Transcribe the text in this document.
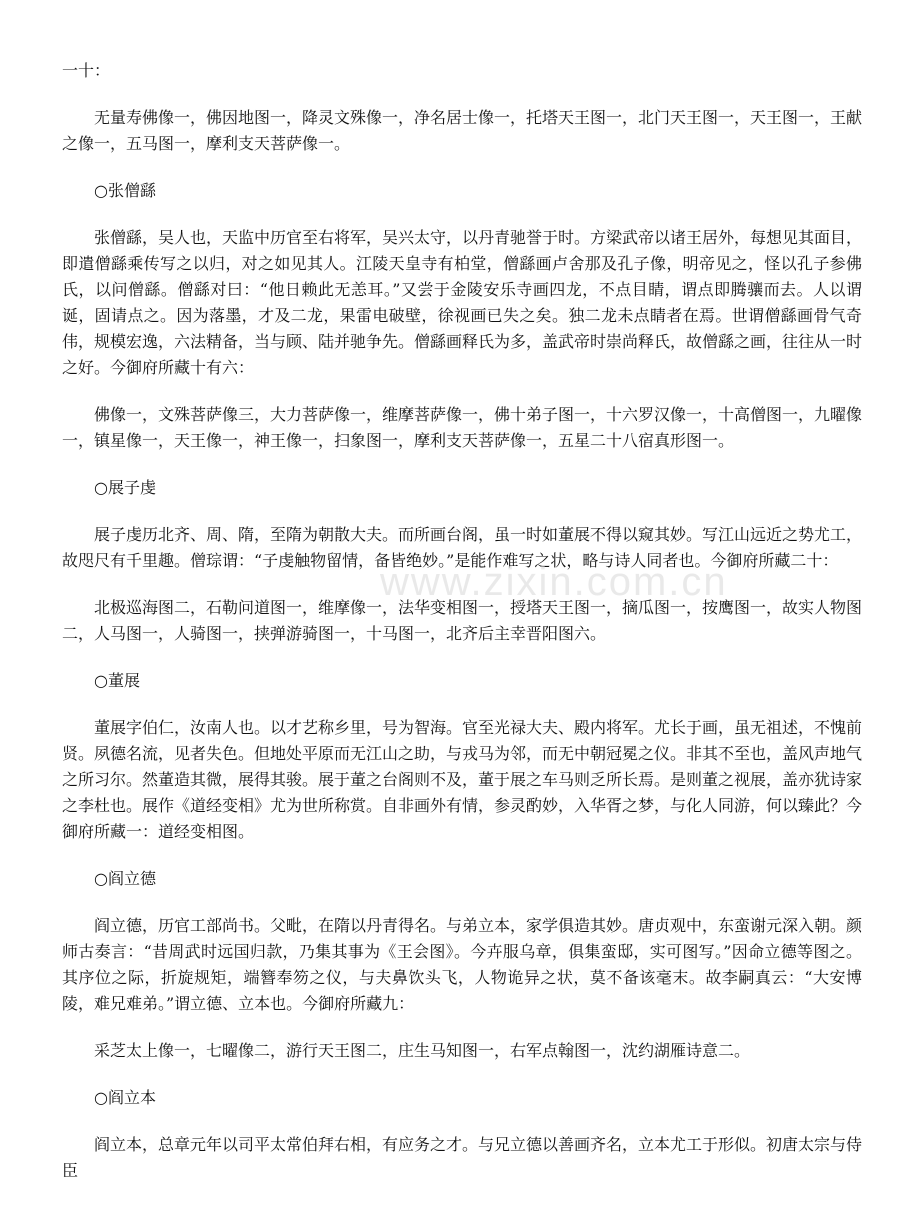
一十：

无量寿佛像一，佛因地图一，降灵文殊像一，净名居士像一，托塔天王图一，北门天王图一，天王图一，王献之像一，五马图一，摩利支天菩萨像一。

○张僧繇

张僧繇，吴人也，天监中历官至右将军，吴兴太守，以丹青驰誉于时。方梁武帝以诸王居外，每想见其面目，即遣僧繇乘传写之以归，对之如见其人。江陵天皇寺有柏堂，僧繇画卢舍那及孔子像，明帝见之，怪以孔子参佛氏，以问僧繇。僧繇对曰：“他日赖此无恙耳。”又尝于金陵安乐寺画四龙，不点目睛，谓点即腾骧而去。人以谓诞，固请点之。因为落墨，才及二龙，果雷电破壁，徐视画已失之矣。独二龙未点睛者在焉。世谓僧繇画骨气奇伟，规模宏逸，六法精备，当与顾、陆并驰争先。僧繇画释氏为多，盖武帝时崇尚释氏，故僧繇之画，往往从一时之好。今御府所藏十有六：

佛像一，文殊菩萨像三，大力菩萨像一，维摩菩萨像一，佛十弟子图一，十六罗汉像一，十高僧图一，九曜像一，镇星像一，天王像一，神王像一，扫象图一，摩利支天菩萨像一，五星二十八宿真形图一。

○展子虔

展子虔历北齐、周、隋，至隋为朝散大夫。而所画台阁，虽一时如董展不得以窥其妙。写江山远近之势尤工，故咫尺有千里趣。僧琮谓：“子虔触物留情，备皆绝妙。”是能作难写之状，略与诗人同者也。今御府所藏二十：

北极巡海图二，石勒问道图一，维摩像一，法华变相图一，授塔天王图一，摘瓜图一，按鹰图一，故实人物图二，人马图一，人骑图一，挟弹游骑图一，十马图一，北齐后主幸晋阳图六。

○董展

董展字伯仁，汝南人也。以才艺称乡里，号为智海。官至光禄大夫、殿内将军。尤长于画，虽无祖述，不愧前贤。夙德名流，见者失色。但地处平原而无江山之助，与戎马为邻，而无中朝冠冕之仪。非其不至也，盖风声地气之所习尔。然董造其微，展得其骏。展于董之台阁则不及，董于展之车马则乏所长焉。是则董之视展，盖亦犹诗家之李杜也。展作《道经变相》尤为世所称赏。自非画外有情，参灵酌妙，入华胥之梦，与化人同游，何以臻此？今御府所藏一：道经变相图。

○阎立德

阎立德，历官工部尚书。父毗，在隋以丹青得名。与弟立本，家学俱造其妙。唐贞观中，东蛮谢元深入朝。颜师古奏言：“昔周武时远国归款，乃集其事为《王会图》。今卉服乌章，俱集蛮邸，实可图写。”因命立德等图之。其序位之际，折旋规矩，端簪奉笏之仪，与夫鼻饮头飞，人物诡异之状，莫不备该毫末。故李嗣真云：“大安博陵，难兄难弟。”谓立德、立本也。今御府所藏九：

采芝太上像一，七曜像二，游行天王图二，庄生马知图一，右军点翰图一，沈约湖雁诗意二。

○阎立本

阎立本，总章元年以司平太常伯拜右相，有应务之才。与兄立德以善画齐名，立本尤工于形似。初唐太宗与侍臣

www.zixin.com.cn
